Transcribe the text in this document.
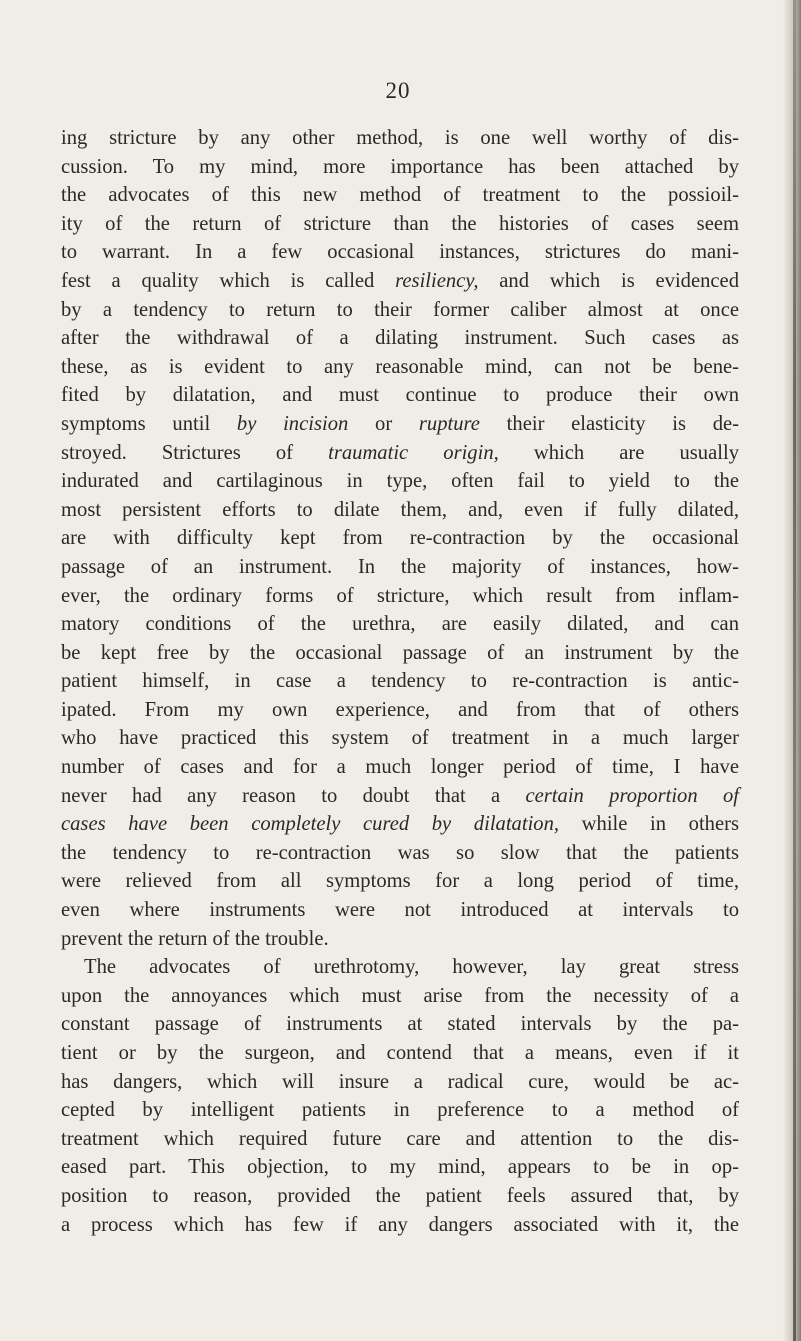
20
ing stricture by any other method, is one well worthy of dis-
cussion. To my mind, more importance has been attached by
the advocates of this new method of treatment to the possioil-
ity of the return of stricture than the histories of cases seem
to warrant. In a few occasional instances, strictures do mani-
fest a quality which is called resiliency, and which is evidenced
by a tendency to return to their former caliber almost at once
after the withdrawal of a dilating instrument. Such cases as
these, as is evident to any reasonable mind, can not be bene-
fited by dilatation, and must continue to produce their own
symptoms until by incision or rupture their elasticity is de-
stroyed. Strictures of traumatic origin, which are usually
indurated and cartilaginous in type, often fail to yield to the
most persistent efforts to dilate them, and, even if fully dilated,
are with difficulty kept from re-contraction by the occasional
passage of an instrument. In the majority of instances, how-
ever, the ordinary forms of stricture, which result from inflam-
matory conditions of the urethra, are easily dilated, and can
be kept free by the occasional passage of an instrument by the
patient himself, in case a tendency to re-contraction is antic-
ipated. From my own experience, and from that of others
who have practiced this system of treatment in a much larger
number of cases and for a much longer period of time, I have
never had any reason to doubt that a certain proportion of
cases have been completely cured by dilatation, while in others
the tendency to re-contraction was so slow that the patients
were relieved from all symptoms for a long period of time,
even where instruments were not introduced at intervals to
prevent the return of the trouble.
The advocates of urethrotomy, however, lay great stress
upon the annoyances which must arise from the necessity of a
constant passage of instruments at stated intervals by the pa-
tient or by the surgeon, and contend that a means, even if it
has dangers, which will insure a radical cure, would be ac-
cepted by intelligent patients in preference to a method of
treatment which required future care and attention to the dis-
eased part. This objection, to my mind, appears to be in op-
position to reason, provided the patient feels assured that, by
a process which has few if any dangers associated with it, the
